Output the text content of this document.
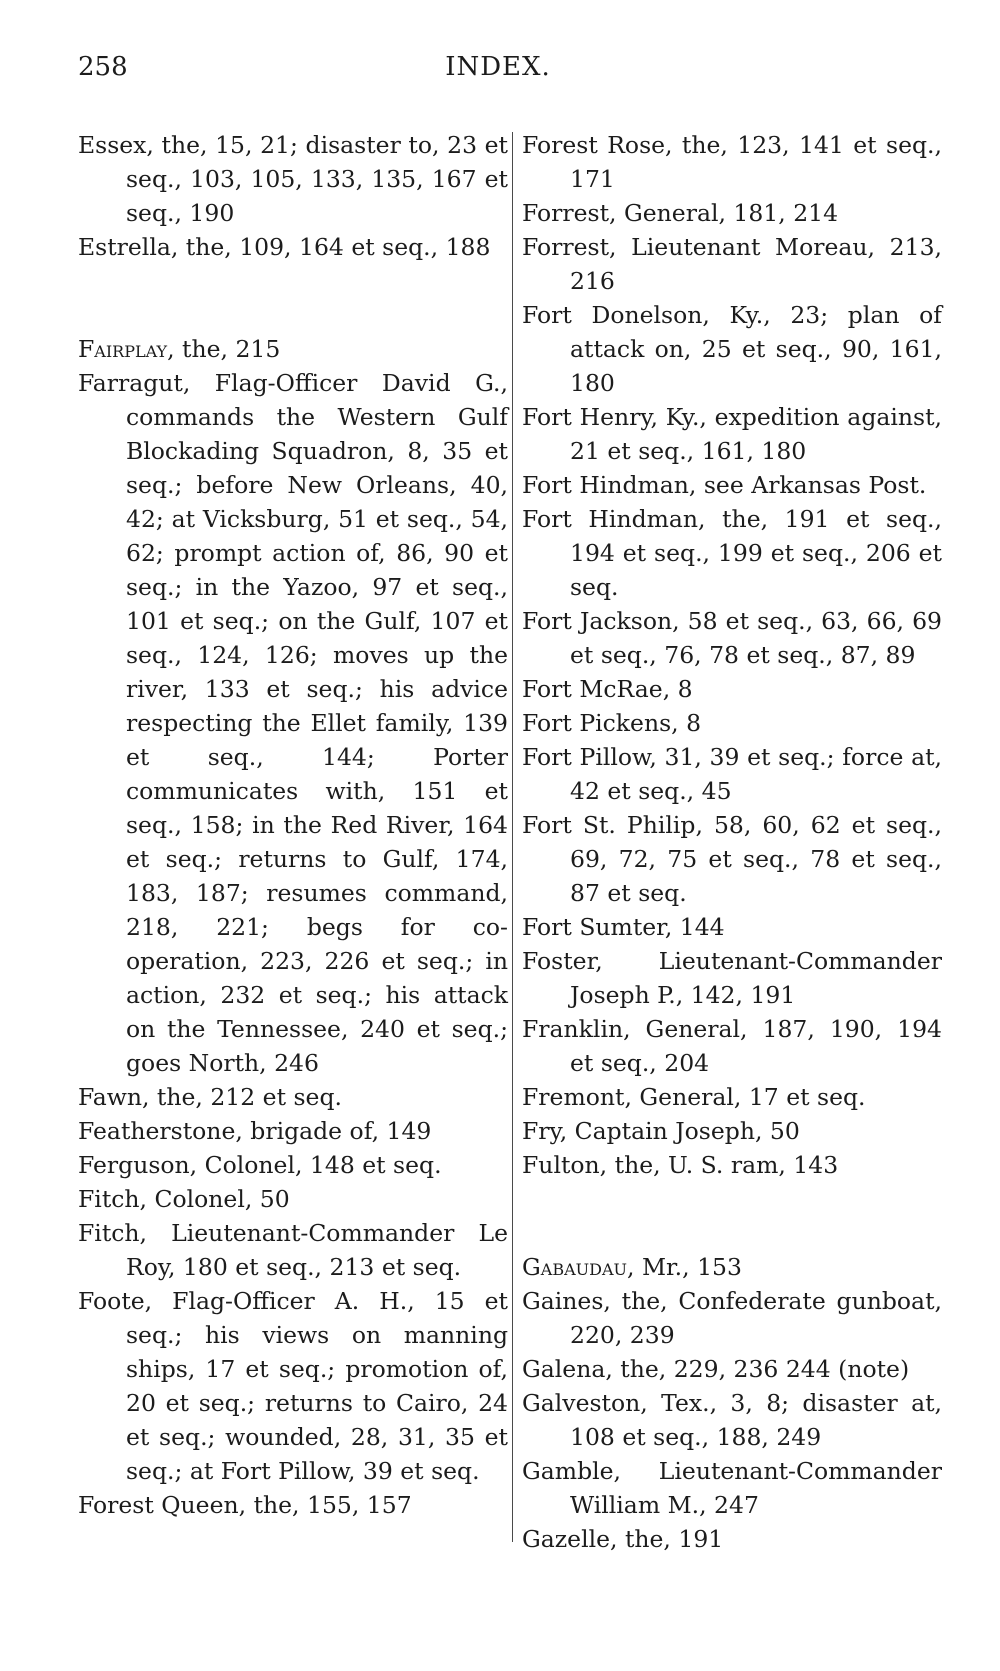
258	INDEX.
Essex, the, 15, 21; disaster to, 23 et seq., 103, 105, 133, 135, 167 et seq., 190
Estrella, the, 109, 164 et seq., 188
Fairplay, the, 215
Farragut, Flag-Officer David G., commands the Western Gulf Blockading Squadron, 8, 35 et seq.; before New Orleans, 40, 42; at Vicksburg, 51 et seq., 54, 62; prompt action of, 86, 90 et seq.; in the Yazoo, 97 et seq., 101 et seq.; on the Gulf, 107 et seq., 124, 126; moves up the river, 133 et seq.; his advice respecting the Ellet family, 139 et seq., 144; Porter communicates with, 151 et seq., 158; in the Red River, 164 et seq.; returns to Gulf, 174, 183, 187; resumes command, 218, 221; begs for co-operation, 223, 226 et seq.; in action, 232 et seq.; his attack on the Tennessee, 240 et seq.; goes North, 246
Fawn, the, 212 et seq.
Featherstone, brigade of, 149
Ferguson, Colonel, 148 et seq.
Fitch, Colonel, 50
Fitch, Lieutenant-Commander Le Roy, 180 et seq., 213 et seq.
Foote, Flag-Officer A. H., 15 et seq.; his views on manning ships, 17 et seq.; promotion of, 20 et seq.; returns to Cairo, 24 et seq.; wounded, 28, 31, 35 et seq.; at Fort Pillow, 39 et seq.
Forest Queen, the, 155, 157
Forest Rose, the, 123, 141 et seq., 171
Forrest, General, 181, 214
Forrest, Lieutenant Moreau, 213, 216
Fort Donelson, Ky., 23; plan of attack on, 25 et seq., 90, 161, 180
Fort Henry, Ky., expedition against, 21 et seq., 161, 180
Fort Hindman, see Arkansas Post.
Fort Hindman, the, 191 et seq., 194 et seq., 199 et seq., 206 et seq.
Fort Jackson, 58 et seq., 63, 66, 69 et seq., 76, 78 et seq., 87, 89
Fort McRae, 8
Fort Pickens, 8
Fort Pillow, 31, 39 et seq.; force at, 42 et seq., 45
Fort St. Philip, 58, 60, 62 et seq., 69, 72, 75 et seq., 78 et seq., 87 et seq.
Fort Sumter, 144
Foster, Lieutenant-Commander Joseph P., 142, 191
Franklin, General, 187, 190, 194 et seq., 204
Fremont, General, 17 et seq.
Fry, Captain Joseph, 50
Fulton, the, U. S. ram, 143
Gabaudau, Mr., 153
Gaines, the, Confederate gunboat, 220, 239
Galena, the, 229, 236 244 (note)
Galveston, Tex., 3, 8; disaster at, 108 et seq., 188, 249
Gamble, Lieutenant-Commander William M., 247
Gazelle, the, 191
